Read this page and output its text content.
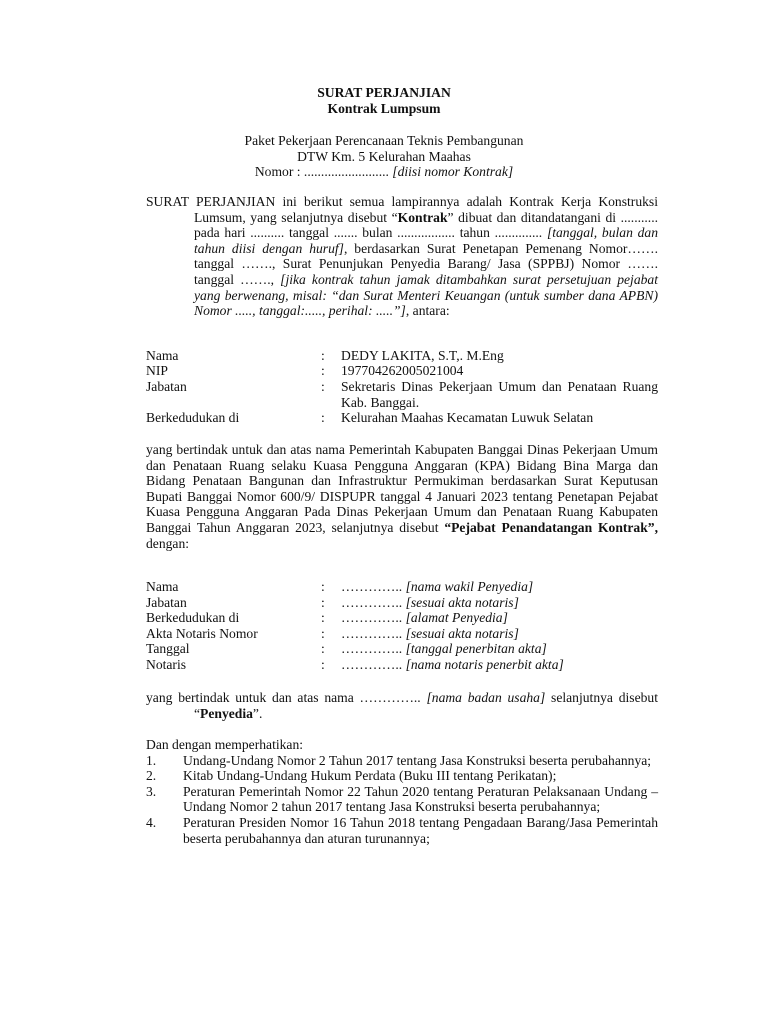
SURAT PERJANJIAN
Kontrak Lumpsum
Paket Pekerjaan Perencanaan Teknis Pembangunan
DTW Km. 5 Kelurahan Maahas
Nomor : ......................... [diisi nomor Kontrak]
SURAT PERJANJIAN ini berikut semua lampirannya adalah Kontrak Kerja Konstruksi Lumsum, yang selanjutnya disebut “Kontrak” dibuat dan ditandatangani di ........... pada hari .......... tanggal ....... bulan ................. tahun .............. [tanggal, bulan dan tahun diisi dengan huruf], berdasarkan Surat Penetapan Pemenang Nomor……. tanggal ……., Surat Penunjukan Penyedia Barang/ Jasa (SPPBJ) Nomor ……. tanggal ……., [jika kontrak tahun jamak ditambahkan surat persetujuan pejabat yang berwenang, misal: “dan Surat Menteri Keuangan (untuk sumber dana APBN) Nomor ....., tanggal:....., perihal: .....”], antara:
Nama	: DEDY LAKITA, S.T,. M.Eng
NIP	: 197704262005021004
Jabatan	: Sekretaris Dinas Pekerjaan Umum dan Penataan Ruang Kab. Banggai.
Berkedudukan di	: Kelurahan Maahas Kecamatan Luwuk Selatan
yang bertindak untuk dan atas nama Pemerintah Kabupaten Banggai Dinas Pekerjaan Umum dan Penataan Ruang selaku Kuasa Pengguna Anggaran (KPA) Bidang Bina Marga dan Bidang Penataan Bangunan dan Infrastruktur Permukiman berdasarkan Surat Keputusan Bupati Banggai Nomor 600/9/ DISPUPR tanggal 4 Januari 2023 tentang Penetapan Pejabat Kuasa Pengguna Anggaran Pada Dinas Pekerjaan Umum dan Penataan Ruang Kabupaten Banggai Tahun Anggaran 2023, selanjutnya disebut “Pejabat Penandatangan Kontrak”, dengan:
Nama	: ………….. [nama wakil Penyedia]
Jabatan	: ………….. [sesuai akta notaris]
Berkedudukan di	: ………….. [alamat Penyedia]
Akta Notaris Nomor	: ………….. [sesuai akta notaris]
Tanggal	: ………….. [tanggal penerbitan akta]
Notaris	: ………….. [nama notaris penerbit akta]
yang bertindak untuk dan atas nama ………….. [nama badan usaha] selanjutnya disebut “Penyedia”.
Dan dengan memperhatikan:
1. Undang-Undang Nomor 2 Tahun 2017 tentang Jasa Konstruksi beserta perubahannya;
2. Kitab Undang-Undang Hukum Perdata (Buku III tentang Perikatan);
3. Peraturan Pemerintah Nomor 22 Tahun 2020 tentang Peraturan Pelaksanaan Undang – Undang Nomor 2 tahun 2017 tentang Jasa Konstruksi beserta perubahannya;
4. Peraturan Presiden Nomor 16 Tahun 2018 tentang Pengadaan Barang/Jasa Pemerintah beserta perubahannya dan aturan turunannya;
